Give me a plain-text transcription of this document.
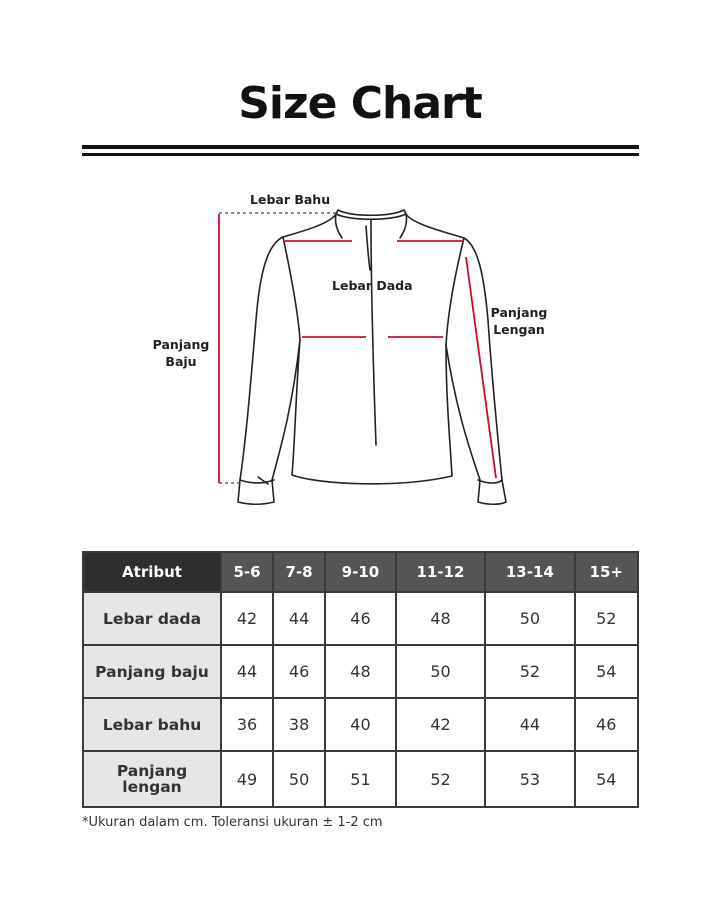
Size Chart
Lebar Bahu
Lebar Dada
Panjang
Baju
Panjang
Lengan
Atribut	5-6	7-8	9-10	11-12	13-14	15+
Lebar dada	42	44	46	48	50	52
Panjang baju	44	46	48	50	52	54
Lebar bahu	36	38	40	42	44	46
Panjang lengan	49	50	51	52	53	54
*Ukuran dalam cm. Toleransi ukuran ± 1-2 cm
